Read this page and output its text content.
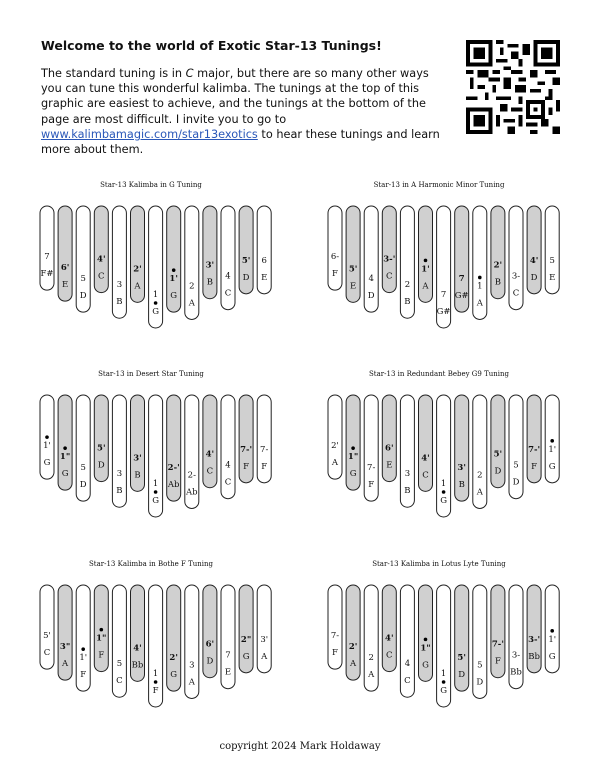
Welcome to the world of Exotic Star-13 Tunings!
The standard tuning is in C major, but there are so many other ways you can tune this wonderful kalimba. The tunings at the top of this graphic are easiest to achieve, and the tunings at the bottom of the page are most difficult. I invite you to go to www.kalimbamagic.com/star13exotics to hear these tunings and learn more about them.
Star-13 Kalimba in G Tuning
7
F#
6'
E
5
D
4'
C
3
B
2'
A
1
G
1'
G
2
A
3'
B
4
C
5'
D
6
E
Star-13 in A Harmonic Minor Tuning
6-
F 5'
E
4
D
3-'
C
2
B
1'
A
7
G#
7
G#
1
A
2'
B
3-
C
4'
D
5
E
Star-13 in Desert Star Tuning
1'
G
1"
G
5
D
5'
D
3
B
3'
B
1
G
2-'
Ab
2-
Ab
4'
C
4
C
7-'
F
7-
F
Star-13 in Redundant Bebey G9 Tuning
2'
A
1"
G
7-
F
6'
E
3
B
4'
C
1
G
3'
B
2
A
5'
D
5
D
7-'
F
1'
G
Star-13 Kalimba in Bothe F Tuning
5'
C
3"
A
1'
F
1"
F
5
C
4'
Bb
1
F
2'
G
3
A
6'
D
7
E
2"
G
3'
A
Star-13 Kalimba in Lotus Lyte Tuning
7-
F
2'
A
2
A
4'
C
4
C
1"
G
1
G
5'
D
5
D
7-'
F
3-
Bb
3-'
Bb
1'
G
copyright 2024 Mark Holdaway
